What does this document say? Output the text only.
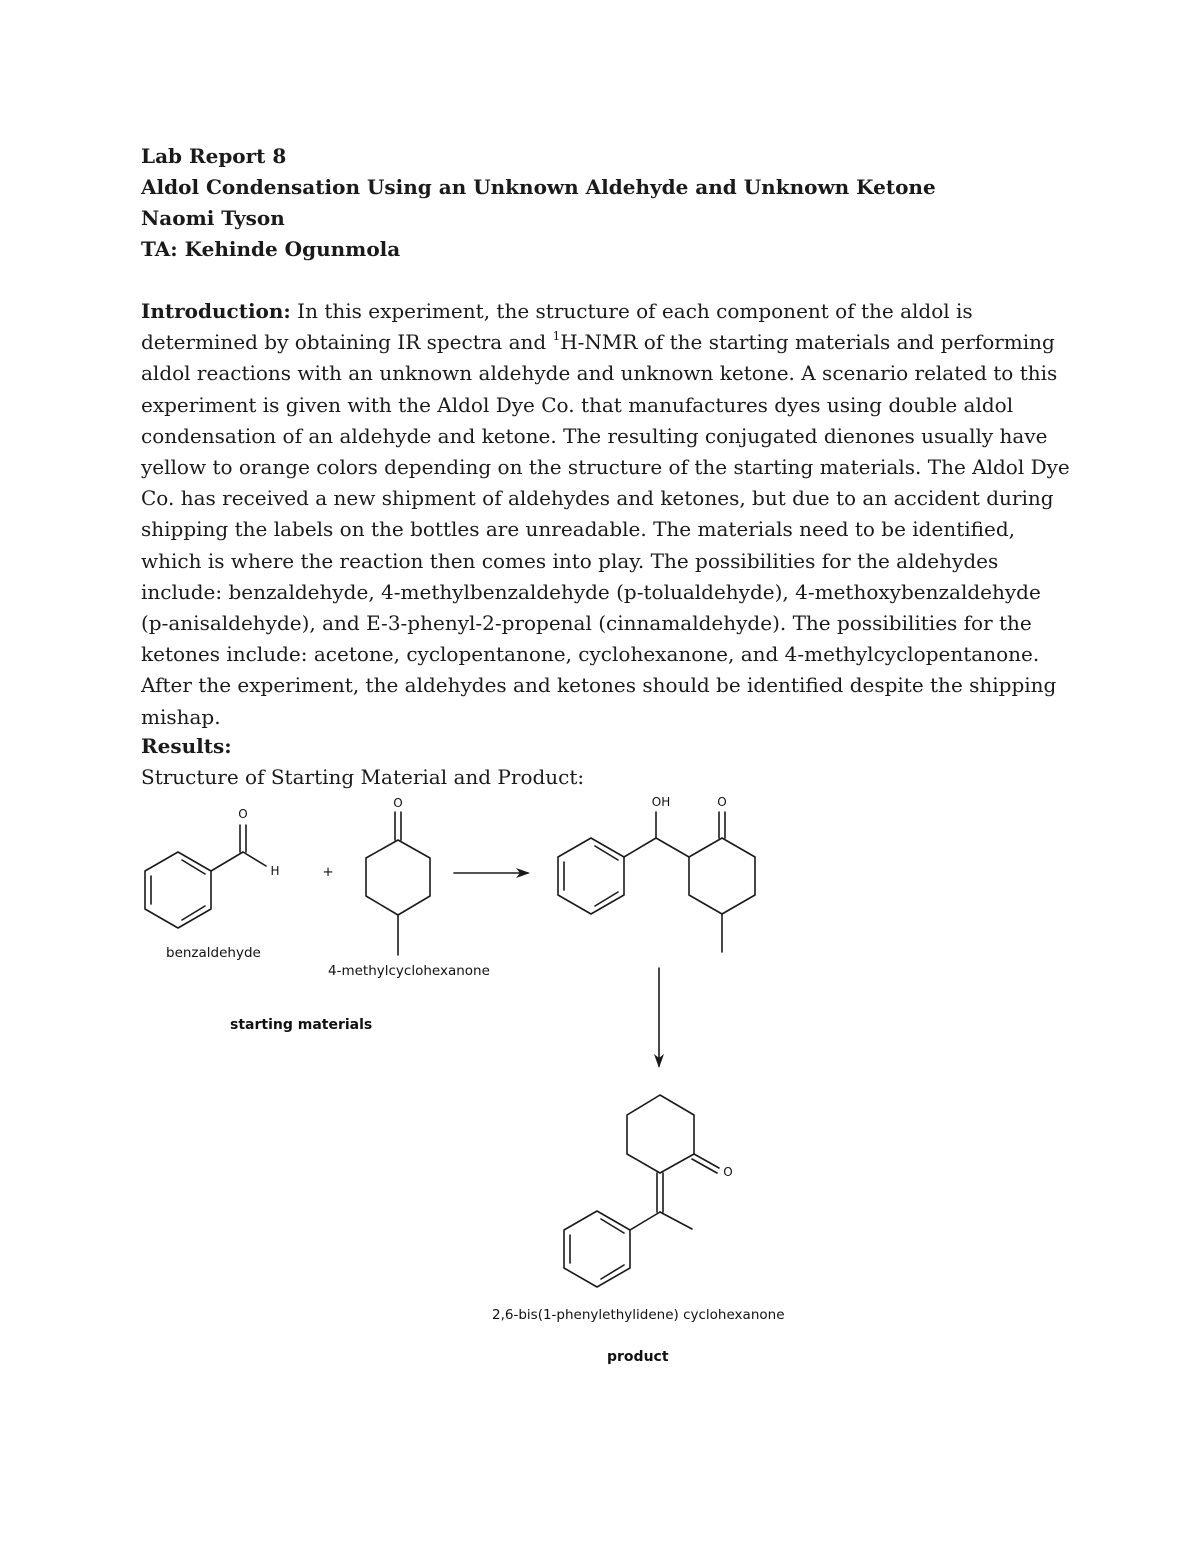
Lab Report 8
Aldol Condensation Using an Unknown Aldehyde and Unknown Ketone
Naomi Tyson
TA: Kehinde Ogunmola
Introduction: In this experiment, the structure of each component of the aldol is determined by obtaining IR spectra and $^1$H-NMR of the starting materials and performing aldol reactions with an unknown aldehyde and unknown ketone. A scenario related to this experiment is given with the Aldol Dye Co. that manufactures dyes using double aldol condensation of an aldehyde and ketone. The resulting conjugated dienones usually have yellow to orange colors depending on the structure of the starting materials. The Aldol Dye Co. has received a new shipment of aldehydes and ketones, but due to an accident during shipping the labels on the bottles are unreadable. The materials need to be identified, which is where the reaction then comes into play. The possibilities for the aldehydes include: benzaldehyde, 4-methylbenzaldehyde (p-tolualdehyde), 4-methoxybenzaldehyde (p-anisaldehyde), and E-3-phenyl-2-propenal (cinnamaldehyde). The possibilities for the ketones include: acetone, cyclopentanone, cyclohexanone, and 4-methylcyclopentanone. After the experiment, the aldehydes and ketones should be identified despite the shipping mishap.
Results:
Structure of Starting Material and Product:
O
H
benzaldehyde
+
O
4-methylcyclohexanone
starting materials
OH	O
O
2,6-bis(1-phenylethylidene) cyclohexanone
product
